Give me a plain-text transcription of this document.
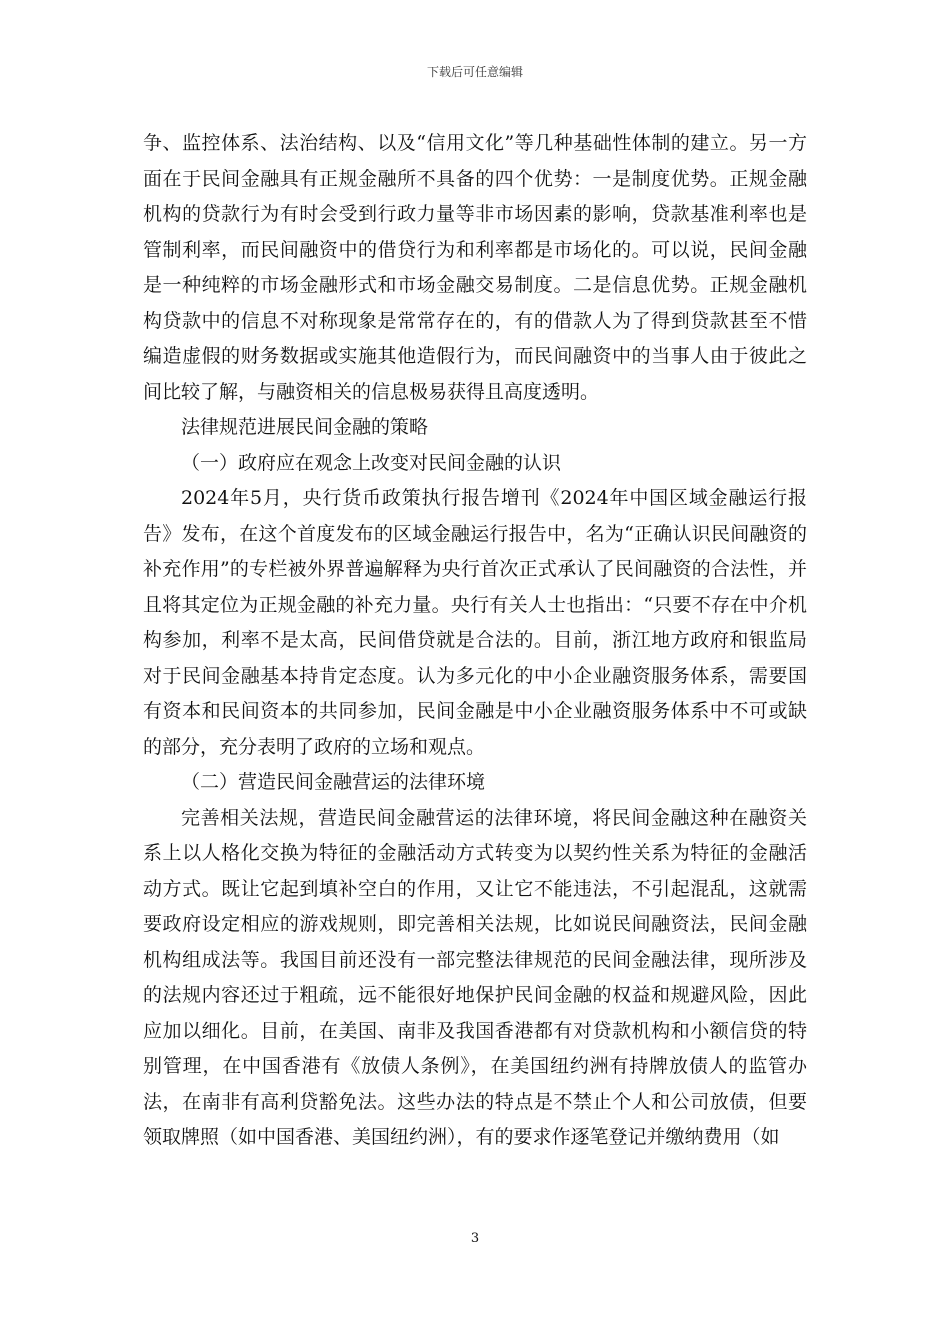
下载后可任意编辑

争、监控体系、法治结构、以及“信用文化”等几种基础性体制的建立。另一方面在于民间金融具有正规金融所不具备的四个优势：一是制度优势。正规金融机构的贷款行为有时会受到行政力量等非市场因素的影响，贷款基准利率也是管制利率，而民间融资中的借贷行为和利率都是市场化的。可以说，民间金融是一种纯粹的市场金融形式和市场金融交易制度。二是信息优势。正规金融机构贷款中的信息不对称现象是常常存在的，有的借款人为了得到贷款甚至不惜编造虚假的财务数据或实施其他造假行为，而民间融资中的当事人由于彼此之间比较了解，与融资相关的信息极易获得且高度透明。

法律规范进展民间金融的策略

（一）政府应在观念上改变对民间金融的认识

2024年5月，央行货币政策执行报告增刊《2024年中国区域金融运行报告》发布，在这个首度发布的区域金融运行报告中，名为“正确认识民间融资的补充作用”的专栏被外界普遍解释为央行首次正式承认了民间融资的合法性，并且将其定位为正规金融的补充力量。央行有关人士也指出：“只要不存在中介机构参加，利率不是太高，民间借贷就是合法的。目前，浙江地方政府和银监局对于民间金融基本持肯定态度。认为多元化的中小企业融资服务体系，需要国有资本和民间资本的共同参加，民间金融是中小企业融资服务体系中不可或缺的部分，充分表明了政府的立场和观点。

（二）营造民间金融营运的法律环境

完善相关法规，营造民间金融营运的法律环境，将民间金融这种在融资关系上以人格化交换为特征的金融活动方式转变为以契约性关系为特征的金融活动方式。既让它起到填补空白的作用，又让它不能违法，不引起混乱，这就需要政府设定相应的游戏规则，即完善相关法规，比如说民间融资法，民间金融机构组成法等。我国目前还没有一部完整法律规范的民间金融法律，现所涉及的法规内容还过于粗疏，远不能很好地保护民间金融的权益和规避风险，因此应加以细化。目前，在美国、南非及我国香港都有对贷款机构和小额信贷的特别管理，在中国香港有《放债人条例》，在美国纽约洲有持牌放债人的监管办法，在南非有高利贷豁免法。这些办法的特点是不禁止个人和公司放债，但要领取牌照（如中国香港、美国纽约洲），有的要求作逐笔登记并缴纳费用（如

3
